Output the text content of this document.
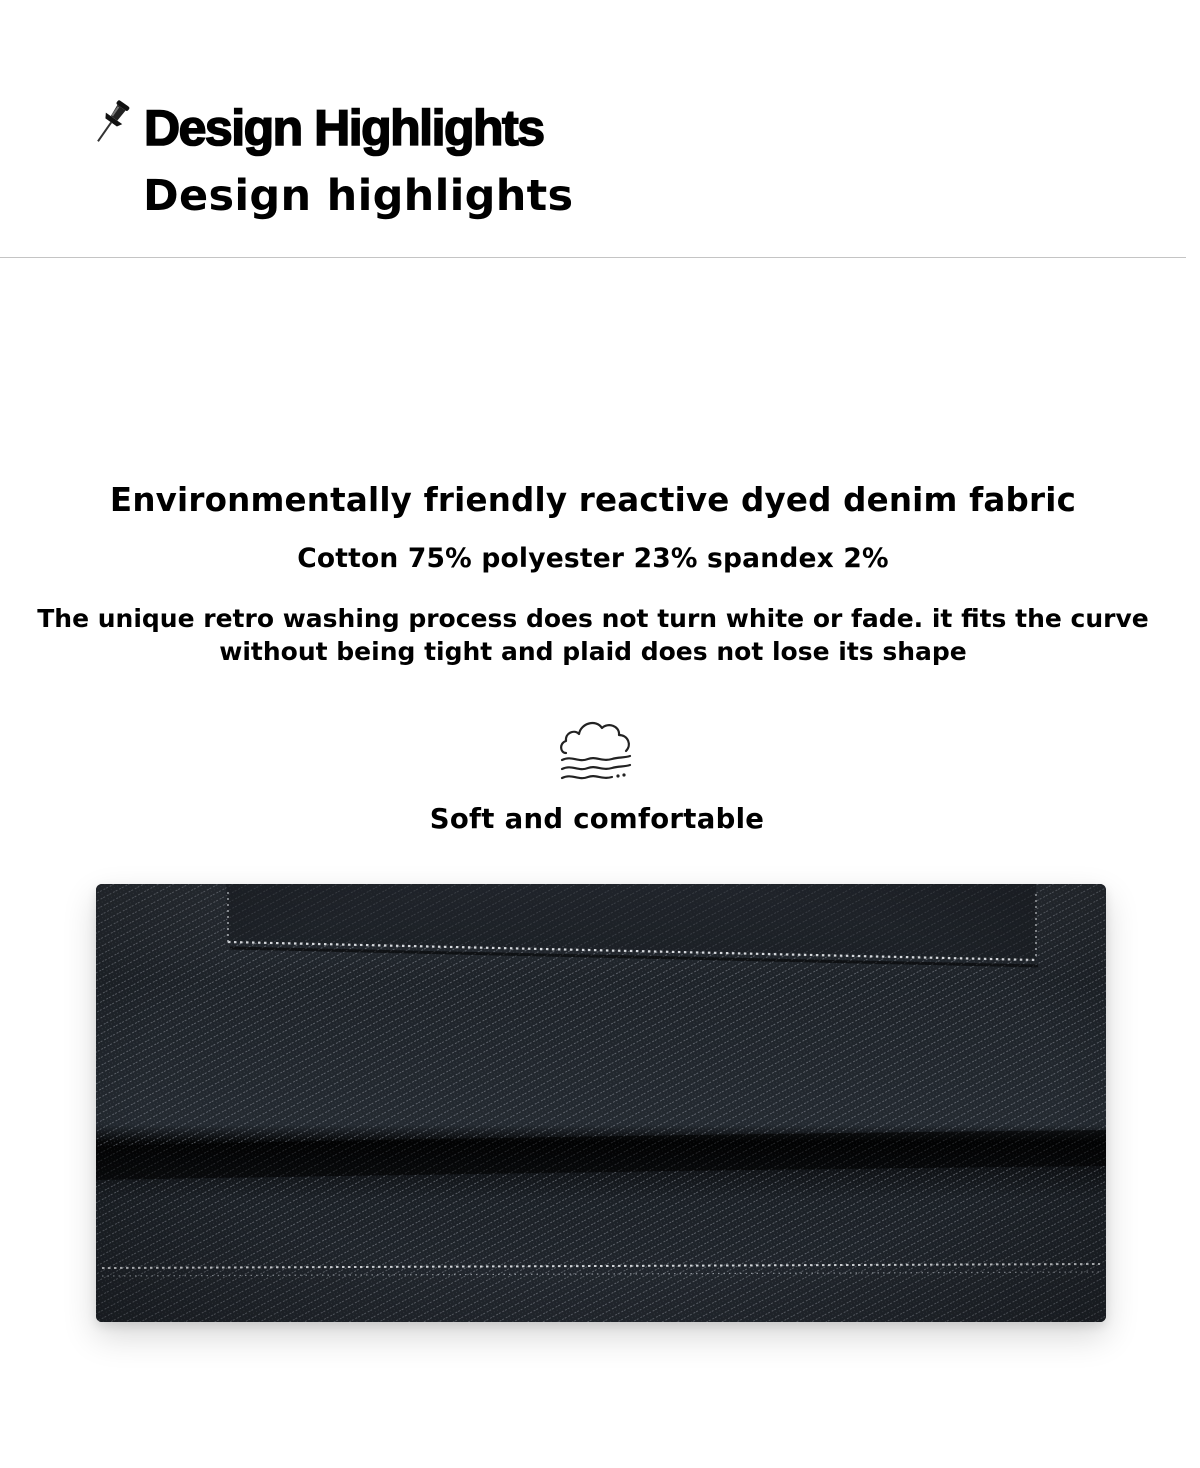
Design Highlights
Design highlights

Environmentally friendly reactive dyed denim fabric

Cotton 75% polyester 23% spandex 2%

The unique retro washing process does not turn white or fade. it fits the curve without being tight and plaid does not lose its shape

Soft and comfortable
